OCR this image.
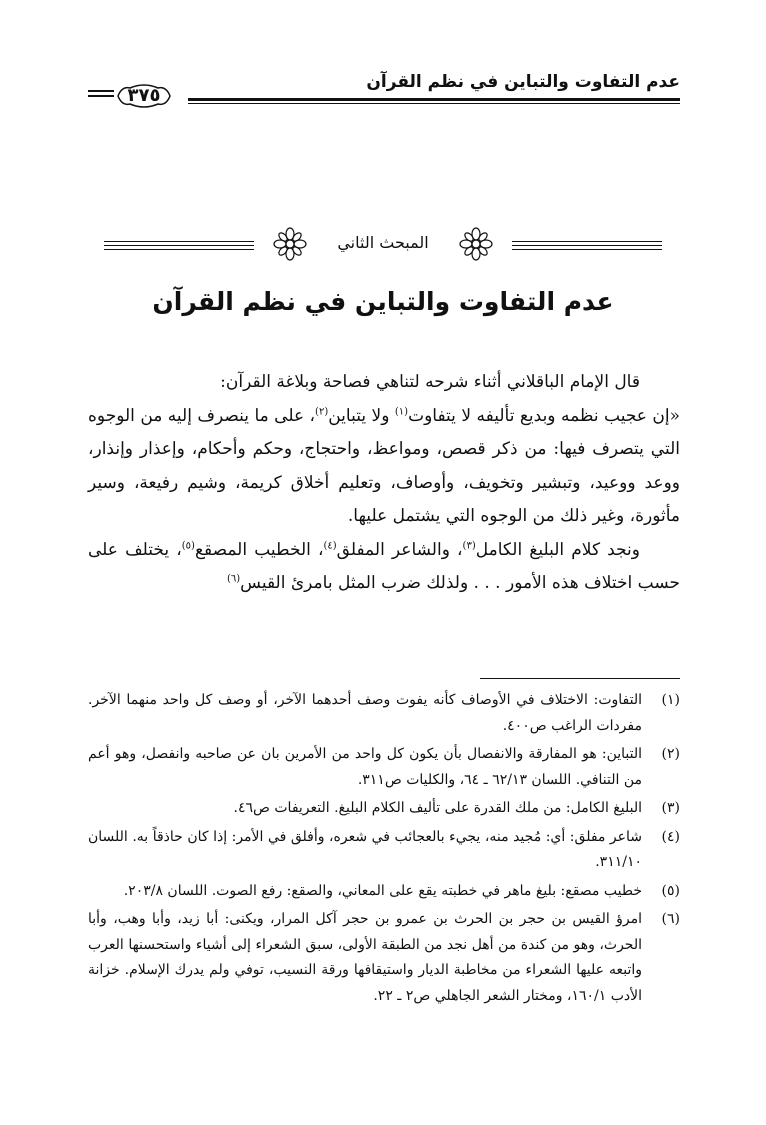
عدم التفاوت والتباين في نظم القرآن
٣٧٥
المبحث الثاني
عدم التفاوت والتباين في نظم القرآن

قال الإمام الباقلاني أثناء شرحه لتناهي فصاحة وبلاغة القرآن:

«إن عجيب نظمه وبديع تأليفه لا يتفاوت$^{(١)}$ ولا يتباين$^{(٢)}$، على ما ينصرف إليه من الوجوه التي يتصرف فيها: من ذكر قصص، ومواعظ، واحتجاج، وحكم وأحكام، وإعذار وإنذار، ووعد ووعيد، وتبشير وتخويف، وأوصاف، وتعليم أخلاق كريمة، وشيم رفيعة، وسير مأثورة، وغير ذلك من الوجوه التي يشتمل عليها.

ونجد كلام البليغ الكامل$^{(٣)}$، والشاعر المفلق$^{(٤)}$، الخطيب المصقع$^{(٥)}$، يختلف على حسب اختلاف هذه الأمور . . . ولذلك ضرب المثل بامرئ القيس$^{(٦)}$

(١)
التفاوت: الاختلاف في الأوصاف كأنه يفوت وصف أحدهما الآخر، أو وصف كل واحد منهما الآخر. مفردات الراغب ص٤٠٠.
(٢)
التباين: هو المفارقة والانفصال بأن يكون كل واحد من الأمرين بان عن صاحبه وانفصل، وهو أعم من التنافي. اللسان ٦٢/١٣ ـ ٦٤، والكليات ص٣١١.
(٣)
البليغ الكامل: من ملك القدرة على تأليف الكلام البليغ. التعريفات ص٤٦.
(٤)
شاعر مفلق: أي: مُجيد منه، يجيء بالعجائب في شعره، وأفلق في الأمر: إذا كان حاذقاً به. اللسان ٣١١/١٠.
(٥)
خطيب مصقع: بليغ ماهر في خطبته يقع على المعاني، والصقع: رفع الصوت. اللسان ٢٠٣/٨.
(٦)
امرؤ القيس بن حجر بن الحرث بن عمرو بن حجر آكل المرار، ويكنى: أبا زيد، وأبا وهب، وأبا الحرث، وهو من كندة من أهل نجد من الطبقة الأولى، سبق الشعراء إلى أشياء واستحسنها العرب واتبعه عليها الشعراء من مخاطبة الديار واستيقافها ورقة النسيب، توفي ولم يدرك الإسلام. خزانة الأدب ١٦٠/١، ومختار الشعر الجاهلي ص٢ ـ ٢٢.
